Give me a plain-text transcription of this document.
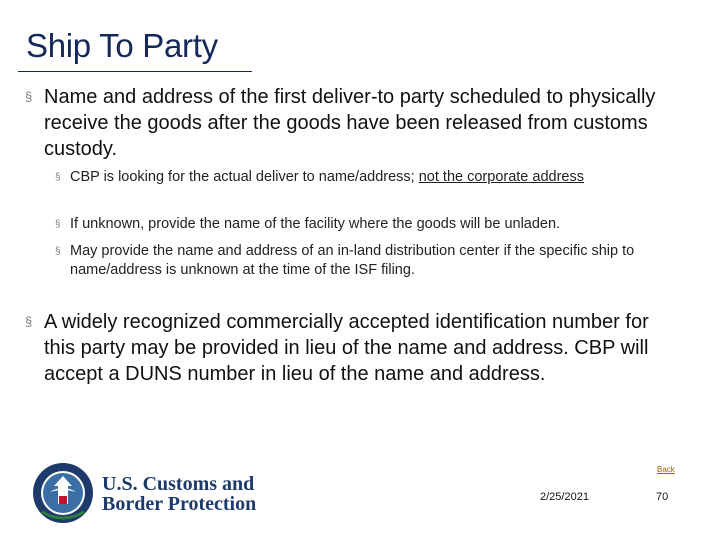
Ship To Party
§ Name and address of the first deliver-to party scheduled to physically receive the goods after the goods have been released from customs custody.
§ CBP is looking for the actual deliver to name/address; not the corporate address
§ If unknown, provide the name of the facility where the goods will be unladen.
§ May provide the name and address of an in-land distribution center if the specific ship to name/address is unknown at the time of the ISF filing.
§ A widely recognized commercially accepted identification number for this party may be provided in lieu of the name and address. CBP will accept a DUNS number in lieu of the name and address.
U.S. Customs and
Border Protection
Back
2/25/2021	70
